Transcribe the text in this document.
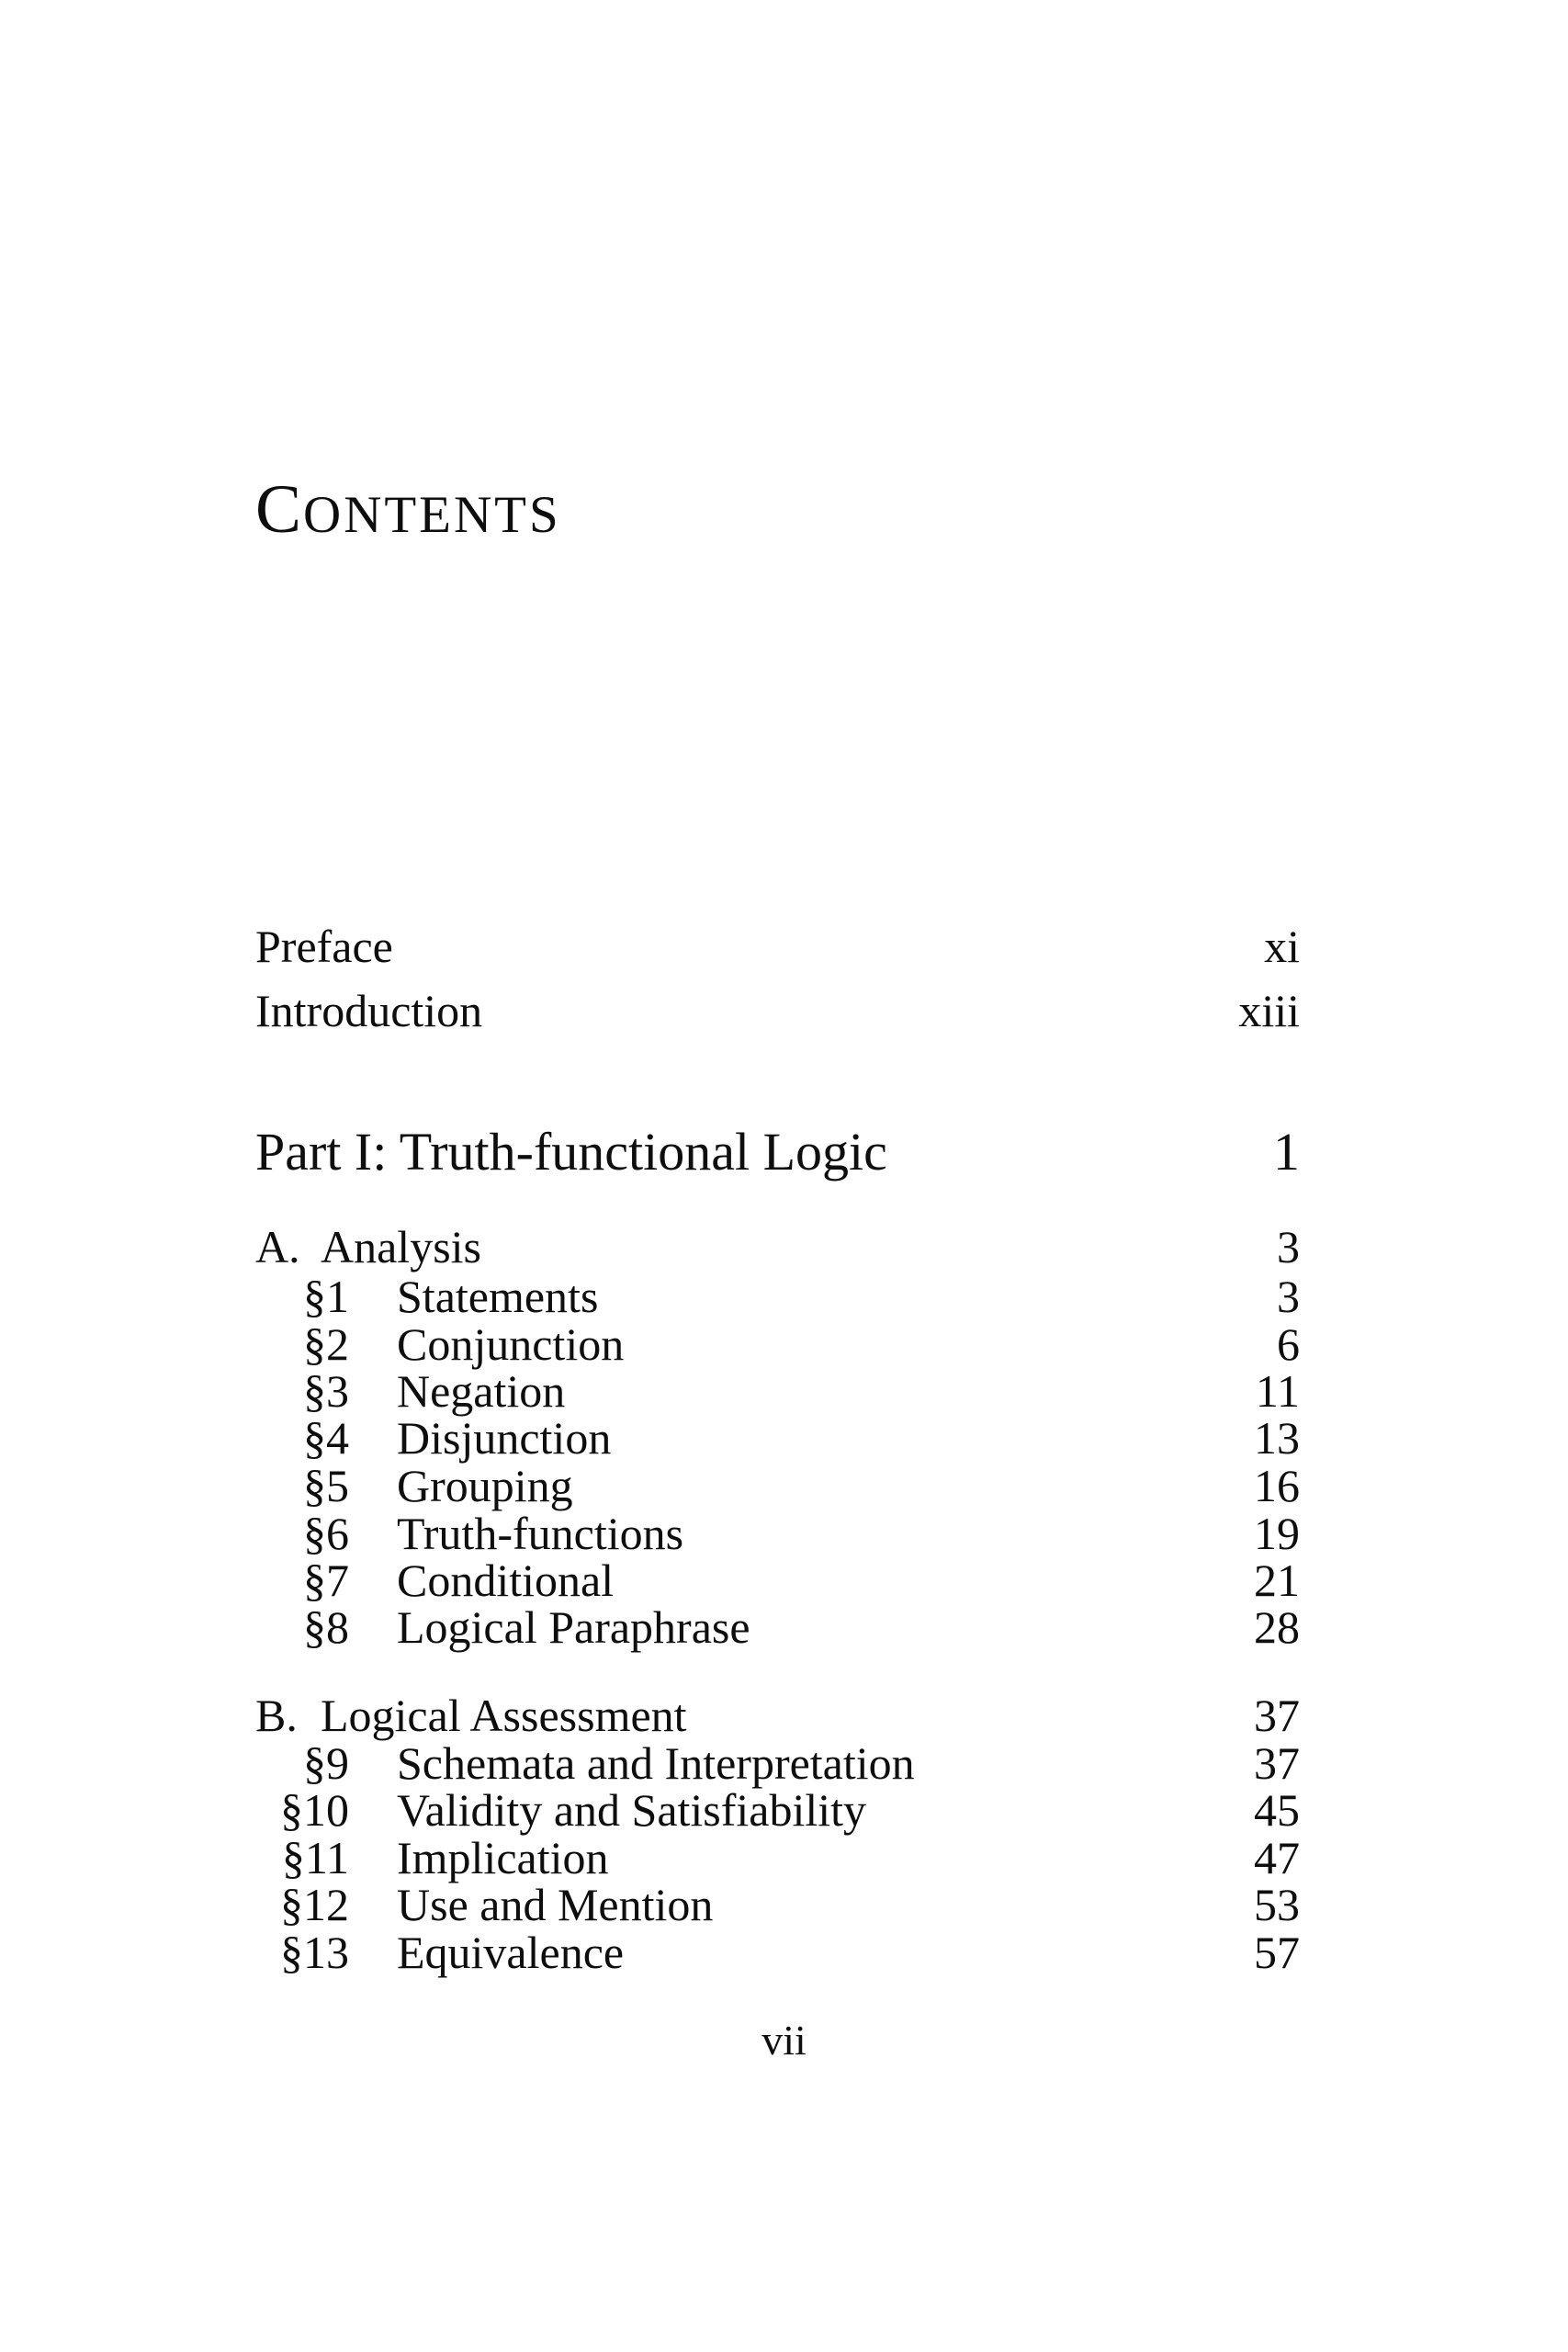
CONTENTS
Preface	xi
Introduction	xiii
Part I: Truth-functional Logic	1
A. Analysis	3
§1 Statements	3
§2 Conjunction	6
§3 Negation	11
§4 Disjunction	13
§5 Grouping	16
§6 Truth-functions	19
§7 Conditional	21
§8 Logical Paraphrase	28
B. Logical Assessment	37
§9 Schemata and Interpretation	37
§10 Validity and Satisfiability	45
§11 Implication	47
§12 Use and Mention	53
§13 Equivalence	57
vii
